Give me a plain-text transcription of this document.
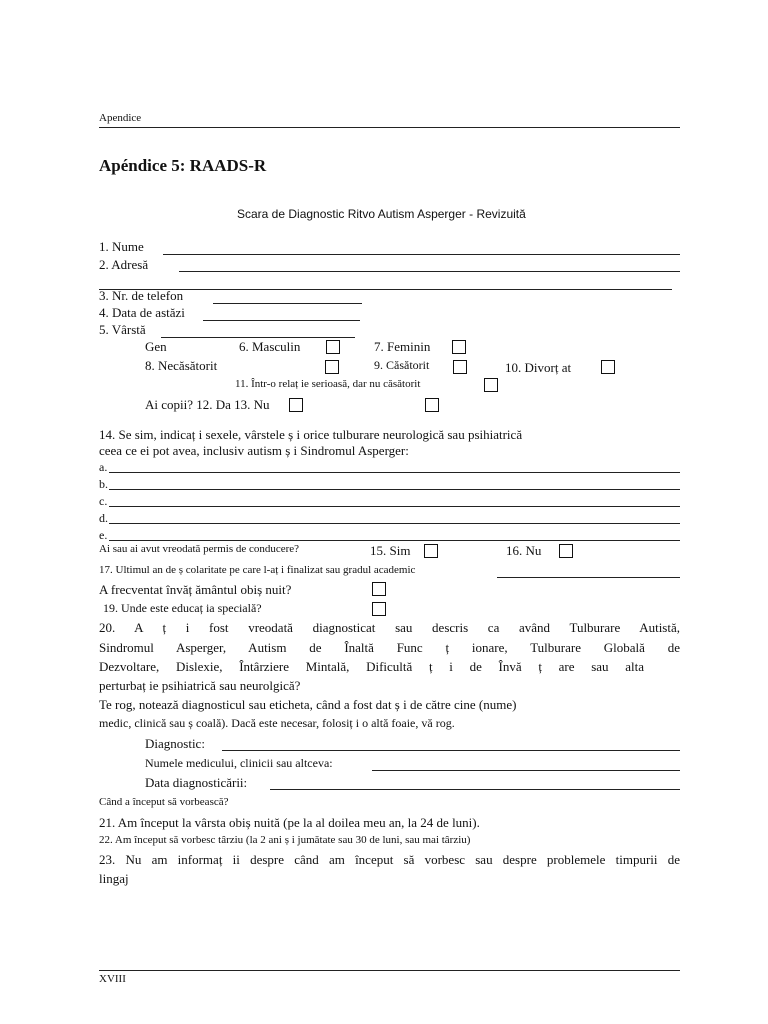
Apendice
Apéndice 5: RAADS-R
Scara de Diagnostic Ritvo Autism Asperger - Revizuită
1. Nume
2. Adresă
3. Nr. de telefon
4. Data de astăzi
5. Vârstă
Gen	6. Masculin	7. Feminin
8. Necăsătorit	9. Căsătorit	10. Divorț at
11. Într-o relaț ie serioasă, dar nu căsătorit
Ai copii? 12. Da 13. Nu
14. Se sim, indicaț i sexele, vârstele ș i orice tulburare neurologică sau psihiatrică
ceea ce ei pot avea, inclusiv autism ș i Sindromul Asperger:
a.
b.
c.
d.
e.
Ai sau ai avut vreodată permis de conducere?	15. Sim	16. Nu
17. Ultimul an de ș colaritate pe care l-aț i finalizat sau gradul academic
A frecventat învăț ământul obiș nuit?
19. Unde este educaț ia specială?
20. A ț i fost vreodată diagnosticat sau descris ca având Tulburare Autistă,
Sindromul Asperger, Autism de Înaltă Func ț ionare, Tulburare Globală de
Dezvoltare, Dislexie, Întârziere Mintală, Dificultă ț i de Învă ț are sau alta
perturbaț ie psihiatrică sau neurolgică?
Te rog, notează diagnosticul sau eticheta, când a fost dat ș i de către cine (nume)
medic, clinică sau ș coală). Dacă este necesar, folosiț i o altă foaie, vă rog.
Diagnostic:
Numele medicului, clinicii sau altceva:
Data diagnosticării:
Când a început să vorbească?
21. Am început la vârsta obiș nuită (pe la al doilea meu an, la 24 de luni).
22. Am început să vorbesc târziu (la 2 ani ș i jumătate sau 30 de luni, sau mai târziu)
23. Nu am informaț ii despre când am început să vorbesc sau despre problemele timpurii de
lingaj
XVIII
